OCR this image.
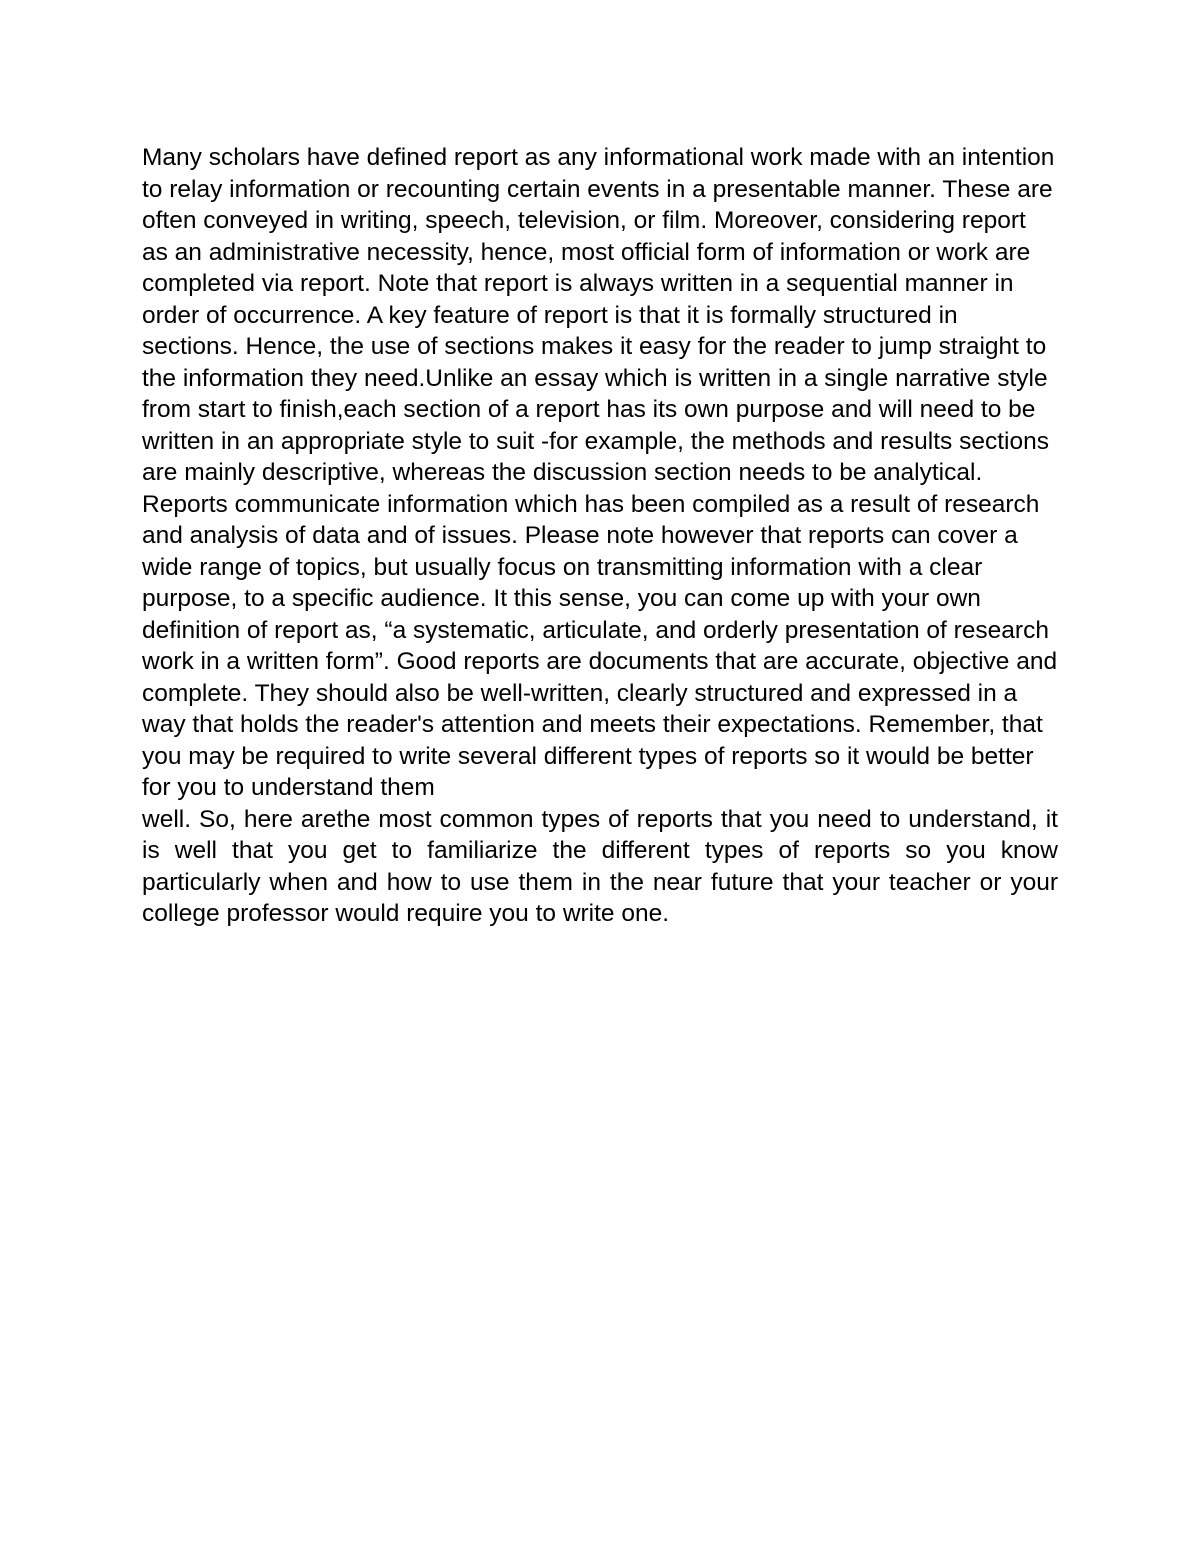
Many scholars have defined report as any informational work made with an intention to relay information or recounting certain events in a presentable manner. These are often conveyed in writing, speech, television, or film. Moreover, considering report as an administrative necessity, hence, most official form of information or work are completed via report. Note that report is always written in a sequential manner in order of occurrence. A key feature of report is that it is formally structured in sections. Hence, the use of sections makes it easy for the reader to jump straight to the information they need.Unlike an essay which is written in a single narrative style from start to finish,each section of a report has its own purpose and will need to be written in an appropriate style to suit -for example, the methods and results sections are mainly descriptive, whereas the discussion section needs to be analytical. Reports communicate information which has been compiled as a result of research and analysis of data and of issues. Please note however that reports can cover a wide range of topics, but usually focus on transmitting information with a clear purpose, to a specific audience. It this sense, you can come up with your own definition of report as, “a systematic, articulate, and orderly presentation of research work in a written form”. Good reports are documents that are accurate, objective and complete. They should also be well-written, clearly structured and expressed in a way that holds the reader's attention and meets their expectations. Remember, that you may be required to write several different types of reports so it would be better for you to understand them

well. So, here arethe most common types of reports that you need to understand, it is well that you get to familiarize the different types of reports so you know particularly when and how to use them in the near future that your teacher or your college professor would require you to write one.
